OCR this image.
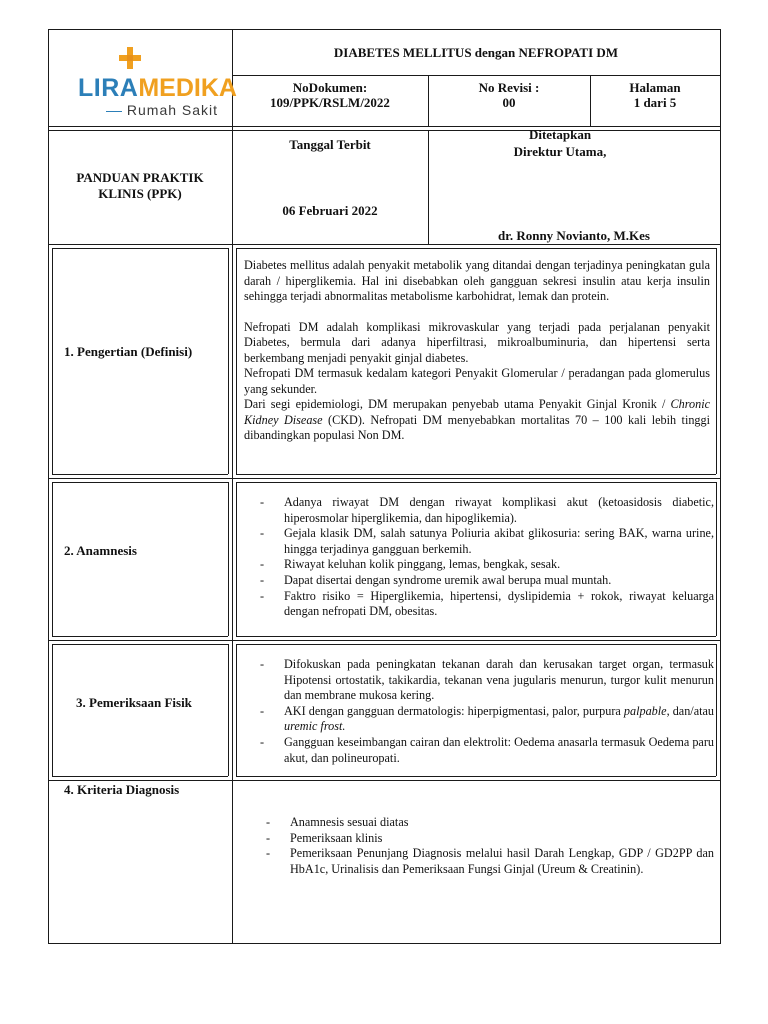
LIRAMEDIKA
Rumah Sakit
DIABETES MELLITUS dengan NEFROPATI DM
NoDokumen:
109/PPK/RSLM/2022
No Revisi :
00
Halaman
1 dari 5
PANDUAN PRAKTIK
KLINIS (PPK)
Tanggal Terbit
06 Februari 2022
Ditetapkan
Direktur Utama,
dr. Ronny Novianto, M.Kes
1. Pengertian (Definisi)

Diabetes mellitus adalah penyakit metabolik yang ditandai dengan terjadinya peningkatan gula darah / hiperglikemia. Hal ini disebabkan oleh gangguan sekresi insulin atau kerja insulin sehingga terjadi abnormalitas metabolisme karbohidrat, lemak dan protein.

Nefropati DM adalah komplikasi mikrovaskular yang terjadi pada perjalanan penyakit Diabetes, bermula dari adanya hiperfiltrasi, mikroalbuminuria, dan hipertensi serta berkembang menjadi penyakit ginjal diabetes.

Nefropati DM termasuk kedalam kategori Penyakit Glomerular / peradangan pada glomerulus yang sekunder.

Dari segi epidemiologi, DM merupakan penyebab utama Penyakit Ginjal Kronik / Chronic Kidney Disease (CKD). Nefropati DM menyebabkan mortalitas 70 – 100 kali lebih tinggi dibandingkan populasi Non DM.

2. Anamnesis
- Adanya riwayat DM dengan riwayat komplikasi akut (ketoasidosis diabetic, hiperosmolar hiperglikemia, dan hipoglikemia).
- Gejala klasik DM, salah satunya Poliuria akibat glikosuria: sering BAK, warna urine, hingga terjadinya gangguan berkemih.
- Riwayat keluhan kolik pinggang, lemas, bengkak, sesak.
- Dapat disertai dengan syndrome uremik awal berupa mual muntah.
- Faktro risiko = Hiperglikemia, hipertensi, dyslipidemia + rokok, riwayat keluarga dengan nefropati DM, obesitas.
3. Pemeriksaan Fisik
- Difokuskan pada peningkatan tekanan darah dan kerusakan target organ, termasuk Hipotensi ortostatik, takikardia, tekanan vena jugularis menurun, turgor kulit menurun dan membrane mukosa kering.
- AKI dengan gangguan dermatologis: hiperpigmentasi, palor, purpura palpable, dan/atau uremic frost.
- Gangguan keseimbangan cairan dan elektrolit: Oedema anasarla termasuk Oedema paru akut, dan polineuropati.
4. Kriteria Diagnosis
- Anamnesis sesuai diatas
- Pemeriksaan klinis
- Pemeriksaan Penunjang Diagnosis melalui hasil Darah Lengkap, GDP / GD2PP dan HbA1c, Urinalisis dan Pemeriksaan Fungsi Ginjal (Ureum & Creatinin).
